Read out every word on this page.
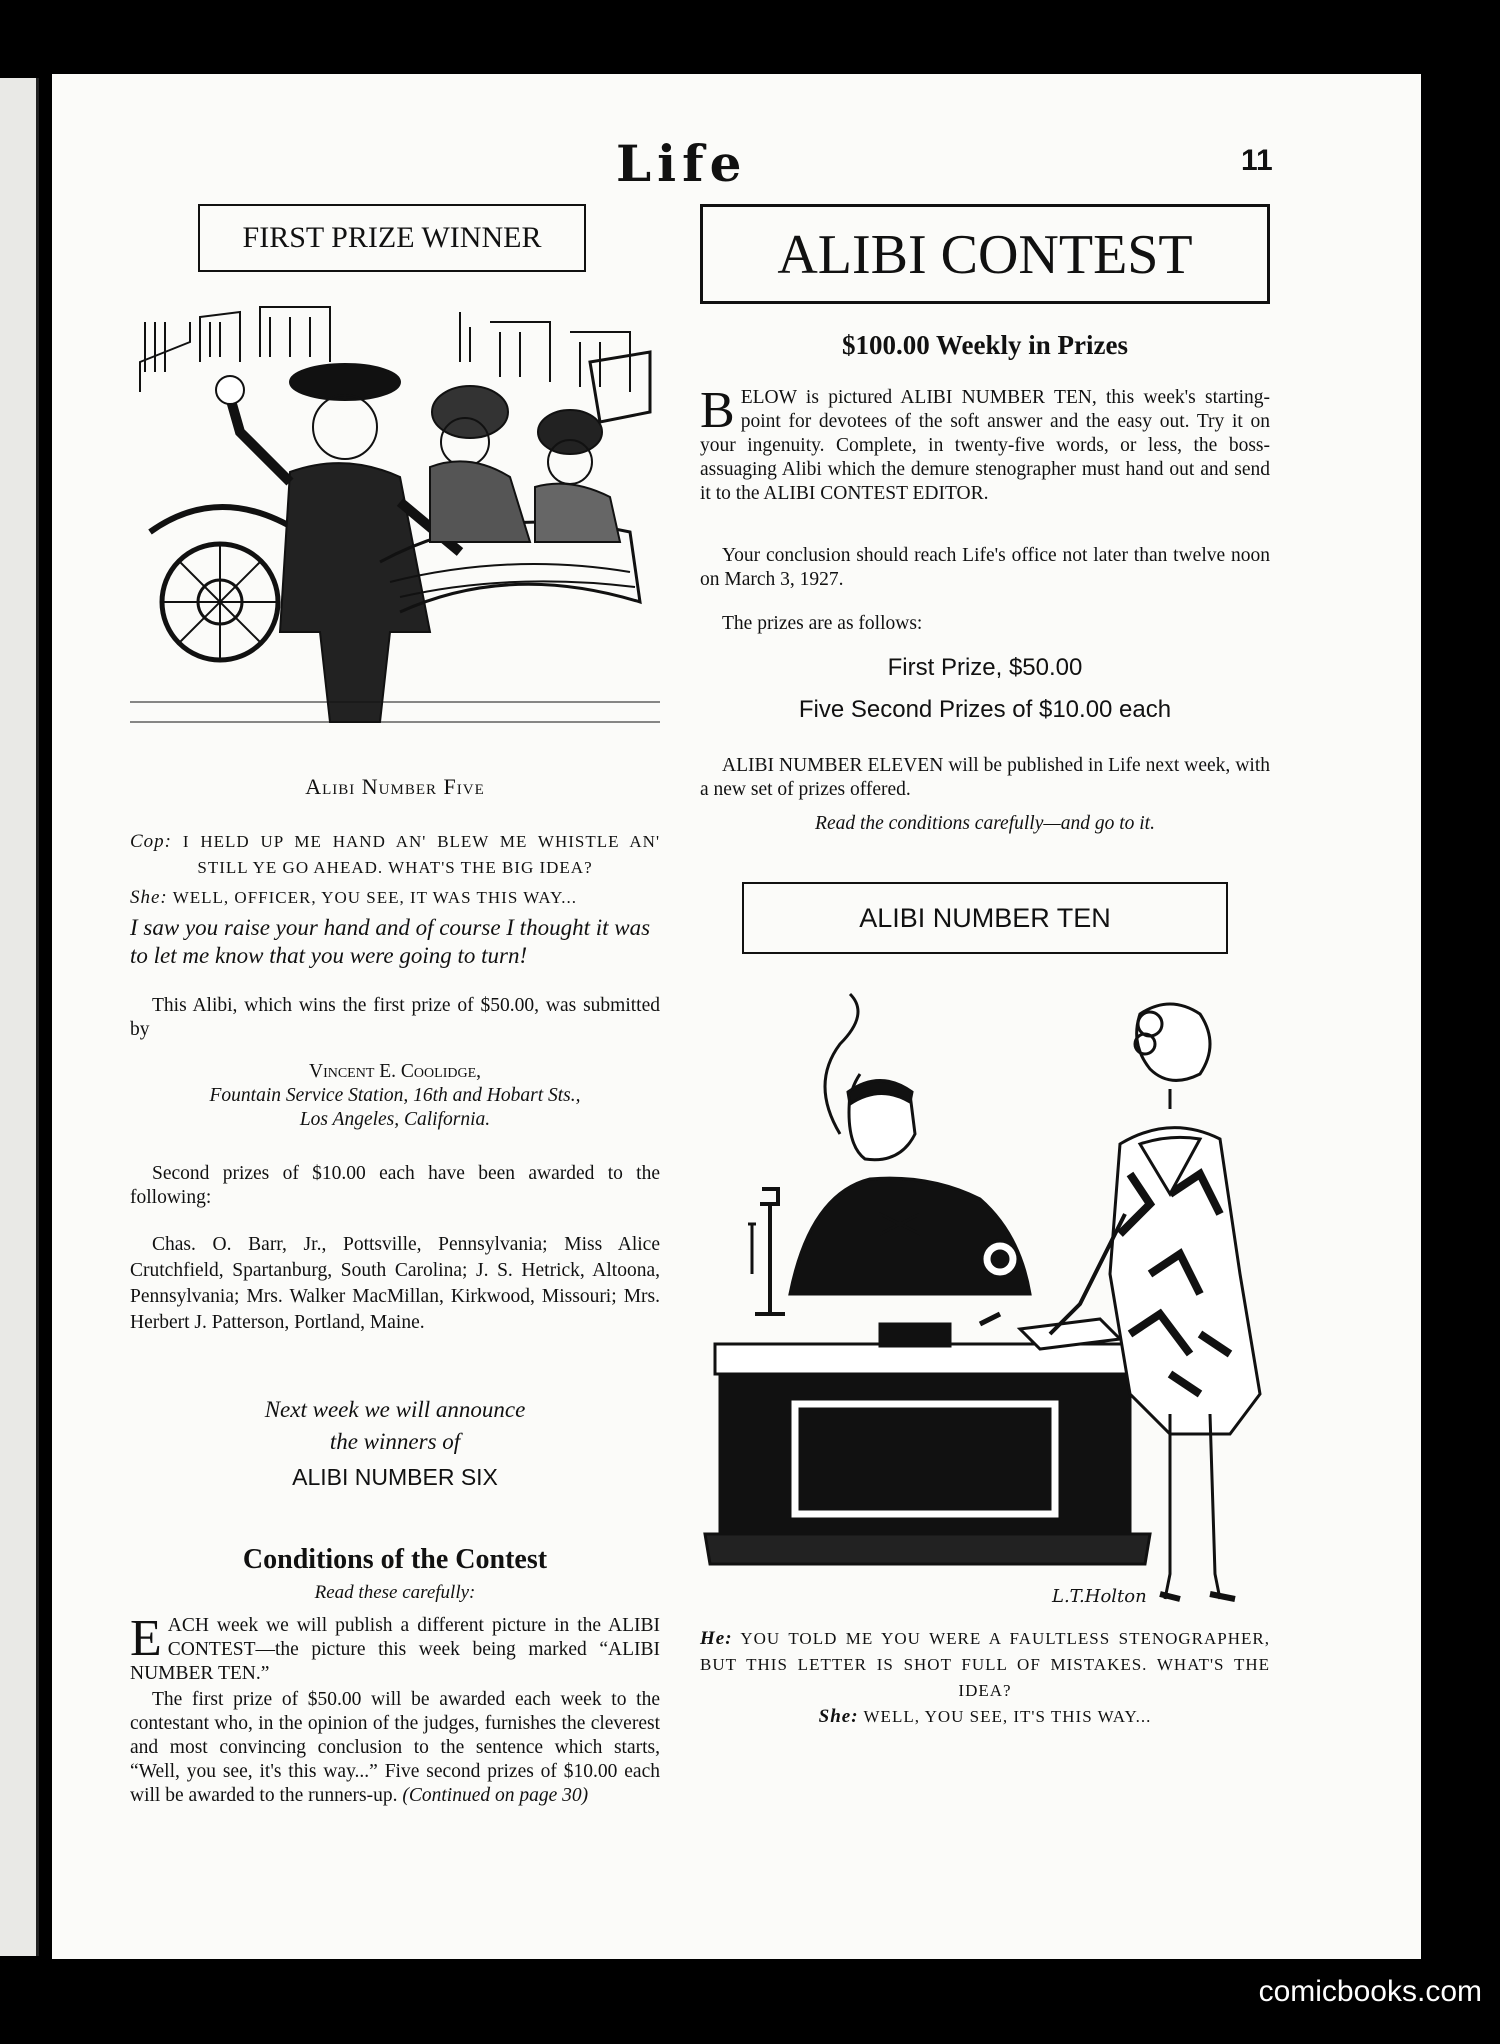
Life	11
FIRST PRIZE WINNER
Alibi Number Five
Cop: I HELD UP ME HAND AN' BLEW ME WHISTLE AN' STILL YE GO AHEAD. WHAT'S THE BIG IDEA?
She: WELL, OFFICER, YOU SEE, IT WAS THIS WAY...
I saw you raise your hand and of course I thought it was to let me know that you were going to turn!
This Alibi, which wins the first prize of $50.00, was submitted by
Vincent E. Coolidge,
Fountain Service Station, 16th and Hobart Sts.,
Los Angeles, California.
Second prizes of $10.00 each have been awarded to the following:
Chas. O. Barr, Jr., Pottsville, Pennsylvania; Miss Alice Crutchfield, Spartanburg, South Carolina; J. S. Hetrick, Altoona, Pennsylvania; Mrs. Walker MacMillan, Kirkwood, Missouri; Mrs. Herbert J. Patterson, Portland, Maine.
Next week we will announce
the winners of
ALIBI NUMBER SIX
Conditions of the Contest
Read these carefully:
E ACH week we will publish a different picture in the ALIBI CONTEST—the picture this week being marked “ALIBI NUMBER TEN.”
The first prize of $50.00 will be awarded each week to the contestant who, in the opinion of the judges, furnishes the cleverest and most convincing conclusion to the sentence which starts, “Well, you see, it's this way...” Five second prizes of $10.00 each will be awarded to the runners-up. (Continued on page 30)
ALIBI CONTEST
$100.00 Weekly in Prizes
B ELOW is pictured ALIBI NUMBER TEN, this week's starting-point for devotees of the soft answer and the easy out. Try it on your ingenuity. Complete, in twenty-five words, or less, the boss-assuaging Alibi which the demure stenographer must hand out and send it to the ALIBI CONTEST EDITOR.
Your conclusion should reach Life's office not later than twelve noon on March 3, 1927.
The prizes are as follows:
First Prize, $50.00
Five Second Prizes of $10.00 each
ALIBI NUMBER ELEVEN will be published in Life next week, with a new set of prizes offered.
Read the conditions carefully—and go to it.
ALIBI NUMBER TEN
L.T.Holton
He: YOU TOLD ME YOU WERE A FAULTLESS STENOGRAPHER, BUT THIS LETTER IS SHOT FULL OF MISTAKES. WHAT'S THE IDEA?
She: WELL, YOU SEE, IT'S THIS WAY...
comicbooks.com
